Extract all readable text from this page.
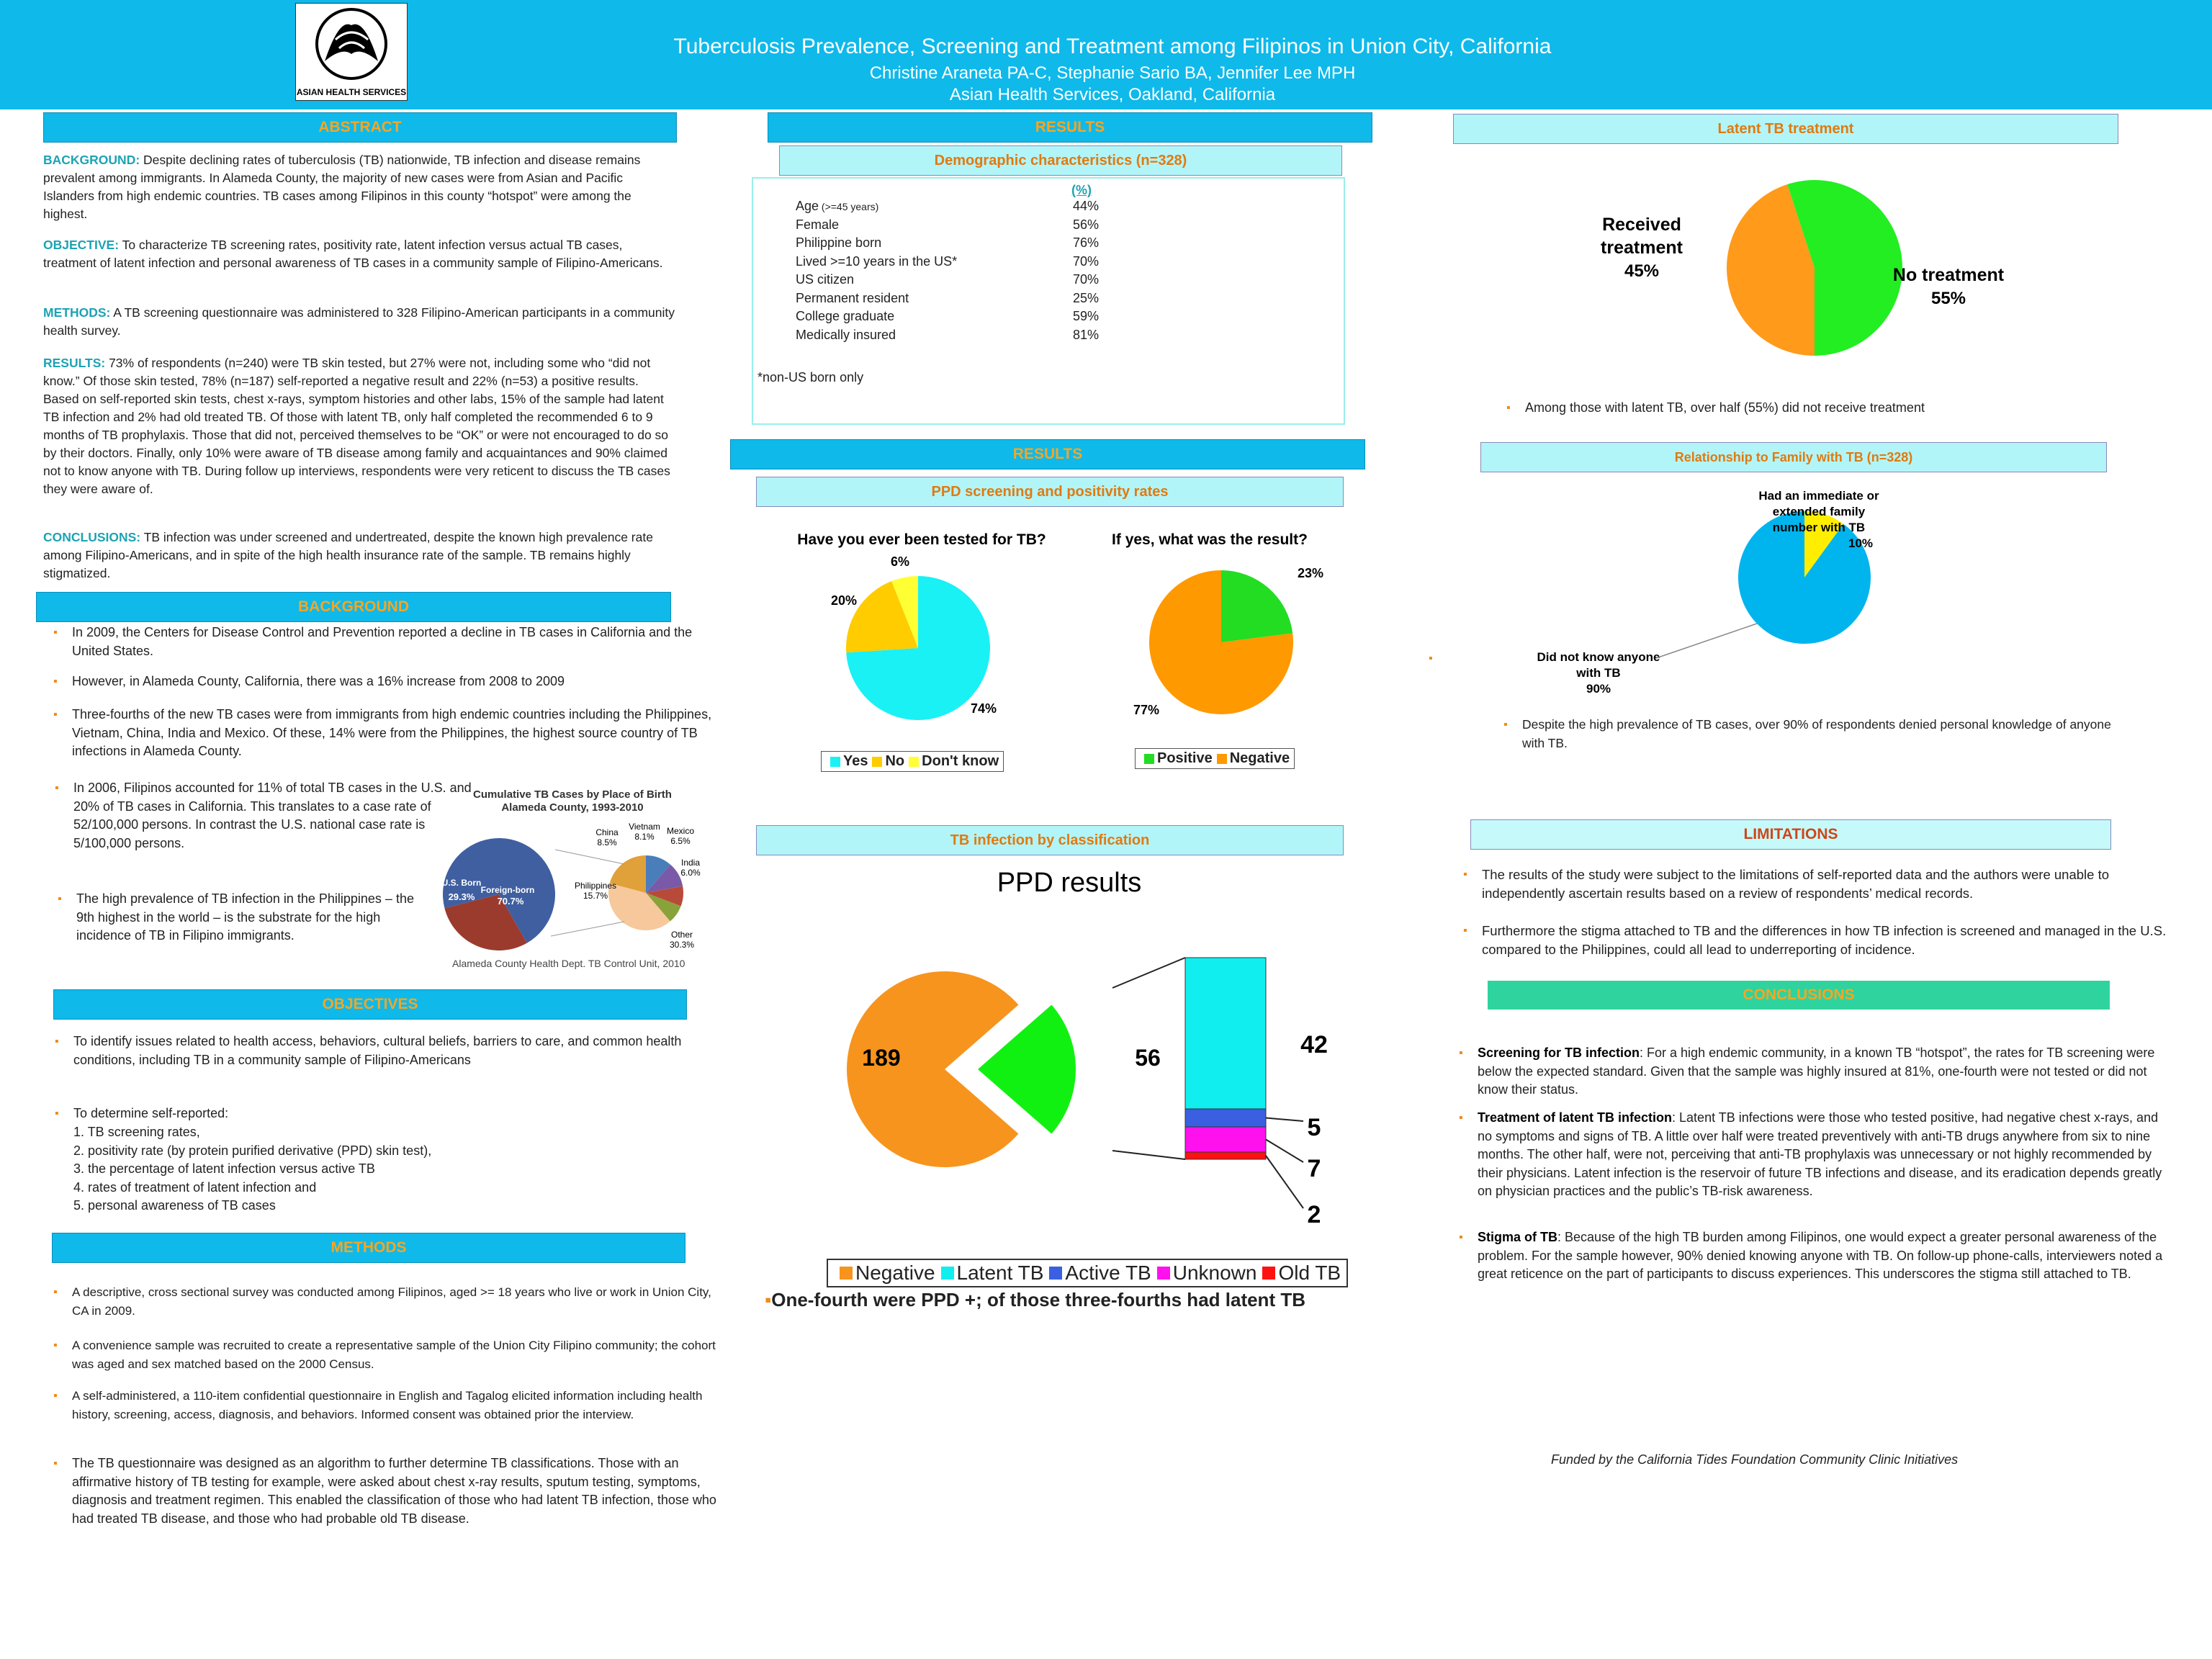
ASIAN HEALTH SERVICES
Tuberculosis Prevalence, Screening and Treatment among Filipinos in Union City, California
Christine Araneta PA-C, Stephanie Sario BA, Jennifer Lee MPH
Asian Health Services, Oakland, California
ABSTRACT
BACKGROUND: Despite declining rates of tuberculosis (TB) nationwide, TB infection and disease remains prevalent among immigrants. In Alameda County, the majority of new cases were from Asian and Pacific Islanders from high endemic countries. TB cases among Filipinos in this county “hotspot” were among the highest.
OBJECTIVE: To characterize TB screening rates, positivity rate, latent infection versus actual TB cases, treatment of latent infection and personal awareness of TB cases in a community sample of Filipino-Americans.
METHODS: A TB screening questionnaire was administered to 328 Filipino-American participants in a community health survey.
RESULTS: 73% of respondents (n=240) were TB skin tested, but 27% were not, including some who “did not know.” Of those skin tested, 78% (n=187) self-reported a negative result and 22% (n=53) a positive results. Based on self-reported skin tests, chest x-rays, symptom histories and other labs, 15% of the sample had latent TB infection and 2% had old treated TB. Of those with latent TB, only half completed the recommended 6 to 9 months of TB prophylaxis. Those that did not, perceived themselves to be “OK” or were not encouraged to do so by their doctors. Finally, only 10% were aware of TB disease among family and acquaintances and 90% claimed not to know anyone with TB. During follow up interviews, respondents were very reticent to discuss the TB cases they were aware of.
CONCLUSIONS: TB infection was under screened and undertreated, despite the known high prevalence rate among Filipino-Americans, and in spite of the high health insurance rate of the sample. TB remains highly stigmatized.
BACKGROUND
▪ In 2009, the Centers for Disease Control and Prevention reported a decline in TB cases in California and the United States.
▪ However, in Alameda County, California, there was a 16% increase from 2008 to 2009
▪ Three-fourths of the new TB cases were from immigrants from high endemic countries including the Philippines, Vietnam, China, India and Mexico. Of these, 14% were from the Philippines, the highest source country of TB infections in Alameda County.
▪ In 2006, Filipinos accounted for 11% of total TB cases in the U.S. and 20% of TB cases in California. This translates to a case rate of 52/100,000 persons. In contrast the U.S. national case rate is 5/100,000 persons.
▪ The high prevalence of TB infection in the Philippines – the 9th highest in the world – is the substrate for the high incidence of TB in Filipino immigrants.
Cumulative TB Cases by Place of Birth
Alameda County, 1993-2010
Foreign-born
70.7%
U.S. Born
29.3%
China
8.5%
Vietnam
8.1%
Mexico
6.5%
India
6.0%
Other
30.3%
Philippines
15.7%
Alameda County Health Dept. TB Control Unit, 2010
OBJECTIVES
▪ To identify issues related to health access, behaviors, cultural beliefs, barriers to care, and common health conditions, including TB in a community sample of Filipino-Americans
▪ To determine self-reported:
1. TB screening rates,
2. positivity rate (by protein purified derivative (PPD) skin test),
3. the percentage of latent infection versus active TB
4. rates of treatment of latent infection and
5. personal awareness of TB cases
METHODS
▪ A descriptive, cross sectional survey was conducted among Filipinos, aged >= 18 years who live or work in Union City, CA in 2009.
▪ A convenience sample was recruited to create a representative sample of the Union City Filipino community; the cohort was aged and sex matched based on the 2000 Census.
▪ A self-administered, a 110-item confidential questionnaire in English and Tagalog elicited information including health history, screening, access, diagnosis, and behaviors. Informed consent was obtained prior the interview.
▪ The TB questionnaire was designed as an algorithm to further determine TB classifications. Those with an affirmative history of TB testing for example, were asked about chest x-ray results, sputum testing, symptoms, diagnosis and treatment regimen. This enabled the classification of those who had latent TB infection, those who had treated TB disease, and those who had probable old TB disease.
RESULTS
Demographic characteristics (n=328)
(%)
Age (>=45 years)	44%
Female	56%
Philippine born	76%
Lived >=10 years in the US*	70%
US citizen	70%
Permanent resident	25%
College graduate	59%
Medically insured	81%
*non-US born only
RESULTS
PPD screening and positivity rates
Have you ever been tested for TB?
74%
20%
6%
Yes No Don't know
If yes, what was the result?
23%
77%
Positive Negative
TB infection by classification
PPD results
189	56	42
5
7
2
Negative Latent TB Active TB Unknown Old TB
▪One-fourth were PPD +; of those three-fourths had latent TB
Latent TB treatment
Received
treatment
45%	No treatment
55%
▪ Among those with latent TB, over half (55%) did not receive treatment
Relationship to Family with TB (n=328)
Had an immediate or
extended family
number with TB
10%
Did not know anyone
with TB
90%
▪
▪ Despite the high prevalence of TB cases, over 90% of respondents denied personal knowledge of anyone with TB.
LIMITATIONS
▪ The results of the study were subject to the limitations of self-reported data and the authors were unable to independently ascertain results based on a review of respondents’ medical records.
▪ Furthermore the stigma attached to TB and the differences in how TB infection is screened and managed in the U.S. compared to the Philippines, could all lead to underreporting of incidence.
CONCLUSIONS
▪ Screening for TB infection: For a high endemic community, in a known TB “hotspot”, the rates for TB screening were below the expected standard. Given that the sample was highly insured at 81%, one-fourth were not tested or did not know their status.
▪ Treatment of latent TB infection: Latent TB infections were those who tested positive, had negative chest x-rays, and no symptoms and signs of TB. A little over half were treated preventively with anti-TB drugs anywhere from six to nine months. The other half, were not, perceiving that anti-TB prophylaxis was unnecessary or not highly recommended by their physicians. Latent infection is the reservoir of future TB infections and disease, and its eradication depends greatly on physician practices and the public’s TB-risk awareness.
▪ Stigma of TB: Because of the high TB burden among Filipinos, one would expect a greater personal awareness of the problem. For the sample however, 90% denied knowing anyone with TB. On follow-up phone-calls, interviewers noted a great reticence on the part of participants to discuss experiences. This underscores the stigma still attached to TB.
Funded by the California Tides Foundation Community Clinic Initiatives
